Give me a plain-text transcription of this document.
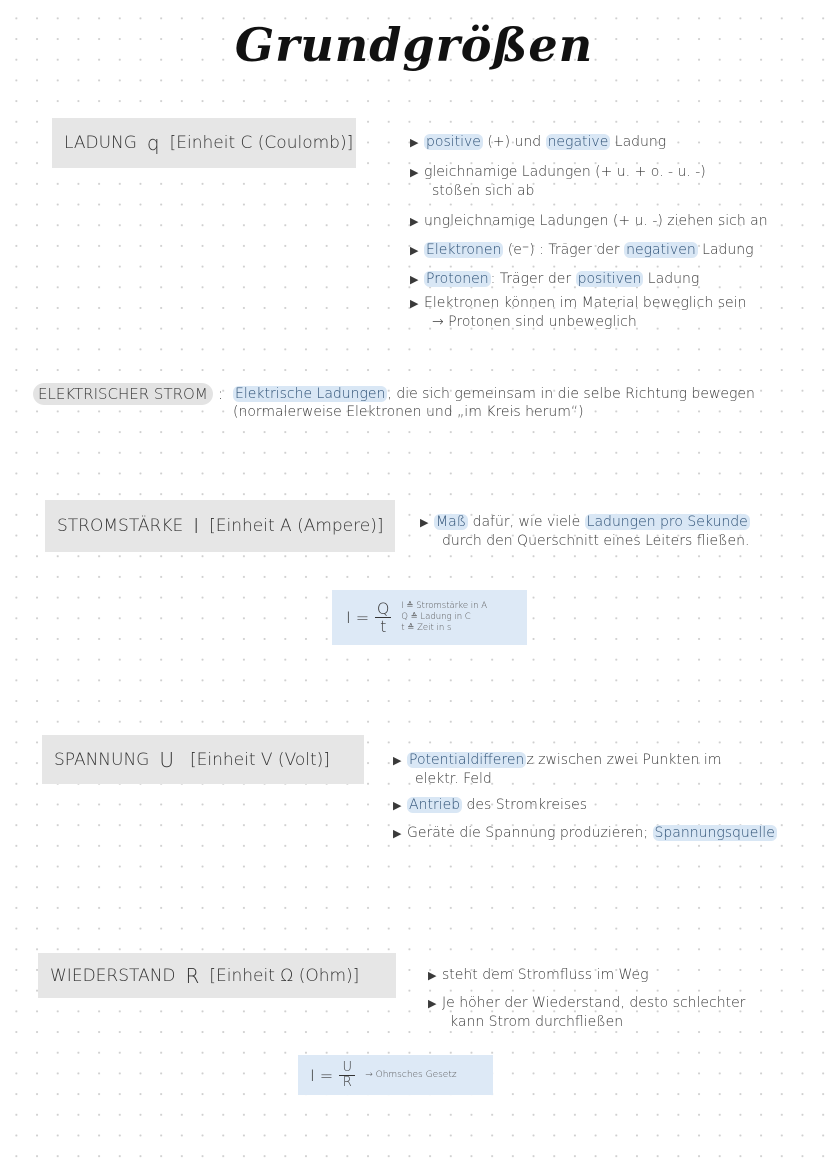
Grundgrößen
LADUNG q [Einheit C (Coulomb)]	▶ positive (+) und negative Ladung
▶ gleichnamige Ladungen (+ u. + o. - u. -)
stoßen sich ab
▶ ungleichnamige Ladungen (+ u. -) ziehen sich an
▶ Elektronen (e⁻) : Träger der negativen Ladung
▶ Protonen : Träger der positiven Ladung
▶ Elektronen können im Material beweglich sein
→ Protonen sind unbeweglich
ELEKTRISCHER STROM : Elektrische Ladungen , die sich gemeinsam in die selbe Richtung bewegen
(normalerweise Elektronen und „im Kreis herum“)
STROMSTÄRKE I [Einheit A (Ampere)]	▶ Maß dafür, wie viele Ladungen pro Sekunde
durch den Querschnitt eines Leiters fließen.
$I = \frac{Q}{t}$ I ≙ Stromstärke in A
Q ≙ Ladung in C
t ≙ Zeit in s
SPANNUNG U [Einheit V (Volt)]	▶ Potentialdifferen z zwischen zwei Punkten im
elektr. Feld
▶ Antrieb des Stromkreises
▶ Geräte die Spannung produzieren; Spannungsquelle
WIEDERSTAND R [Einheit Ω (Ohm)]	▶ steht dem Stromfluss im Weg
▶ Je höher der Wiederstand, desto schlechter
kann Strom durchfließen
$I = \frac{U}{R}$ → Ohmsches Gesetz
